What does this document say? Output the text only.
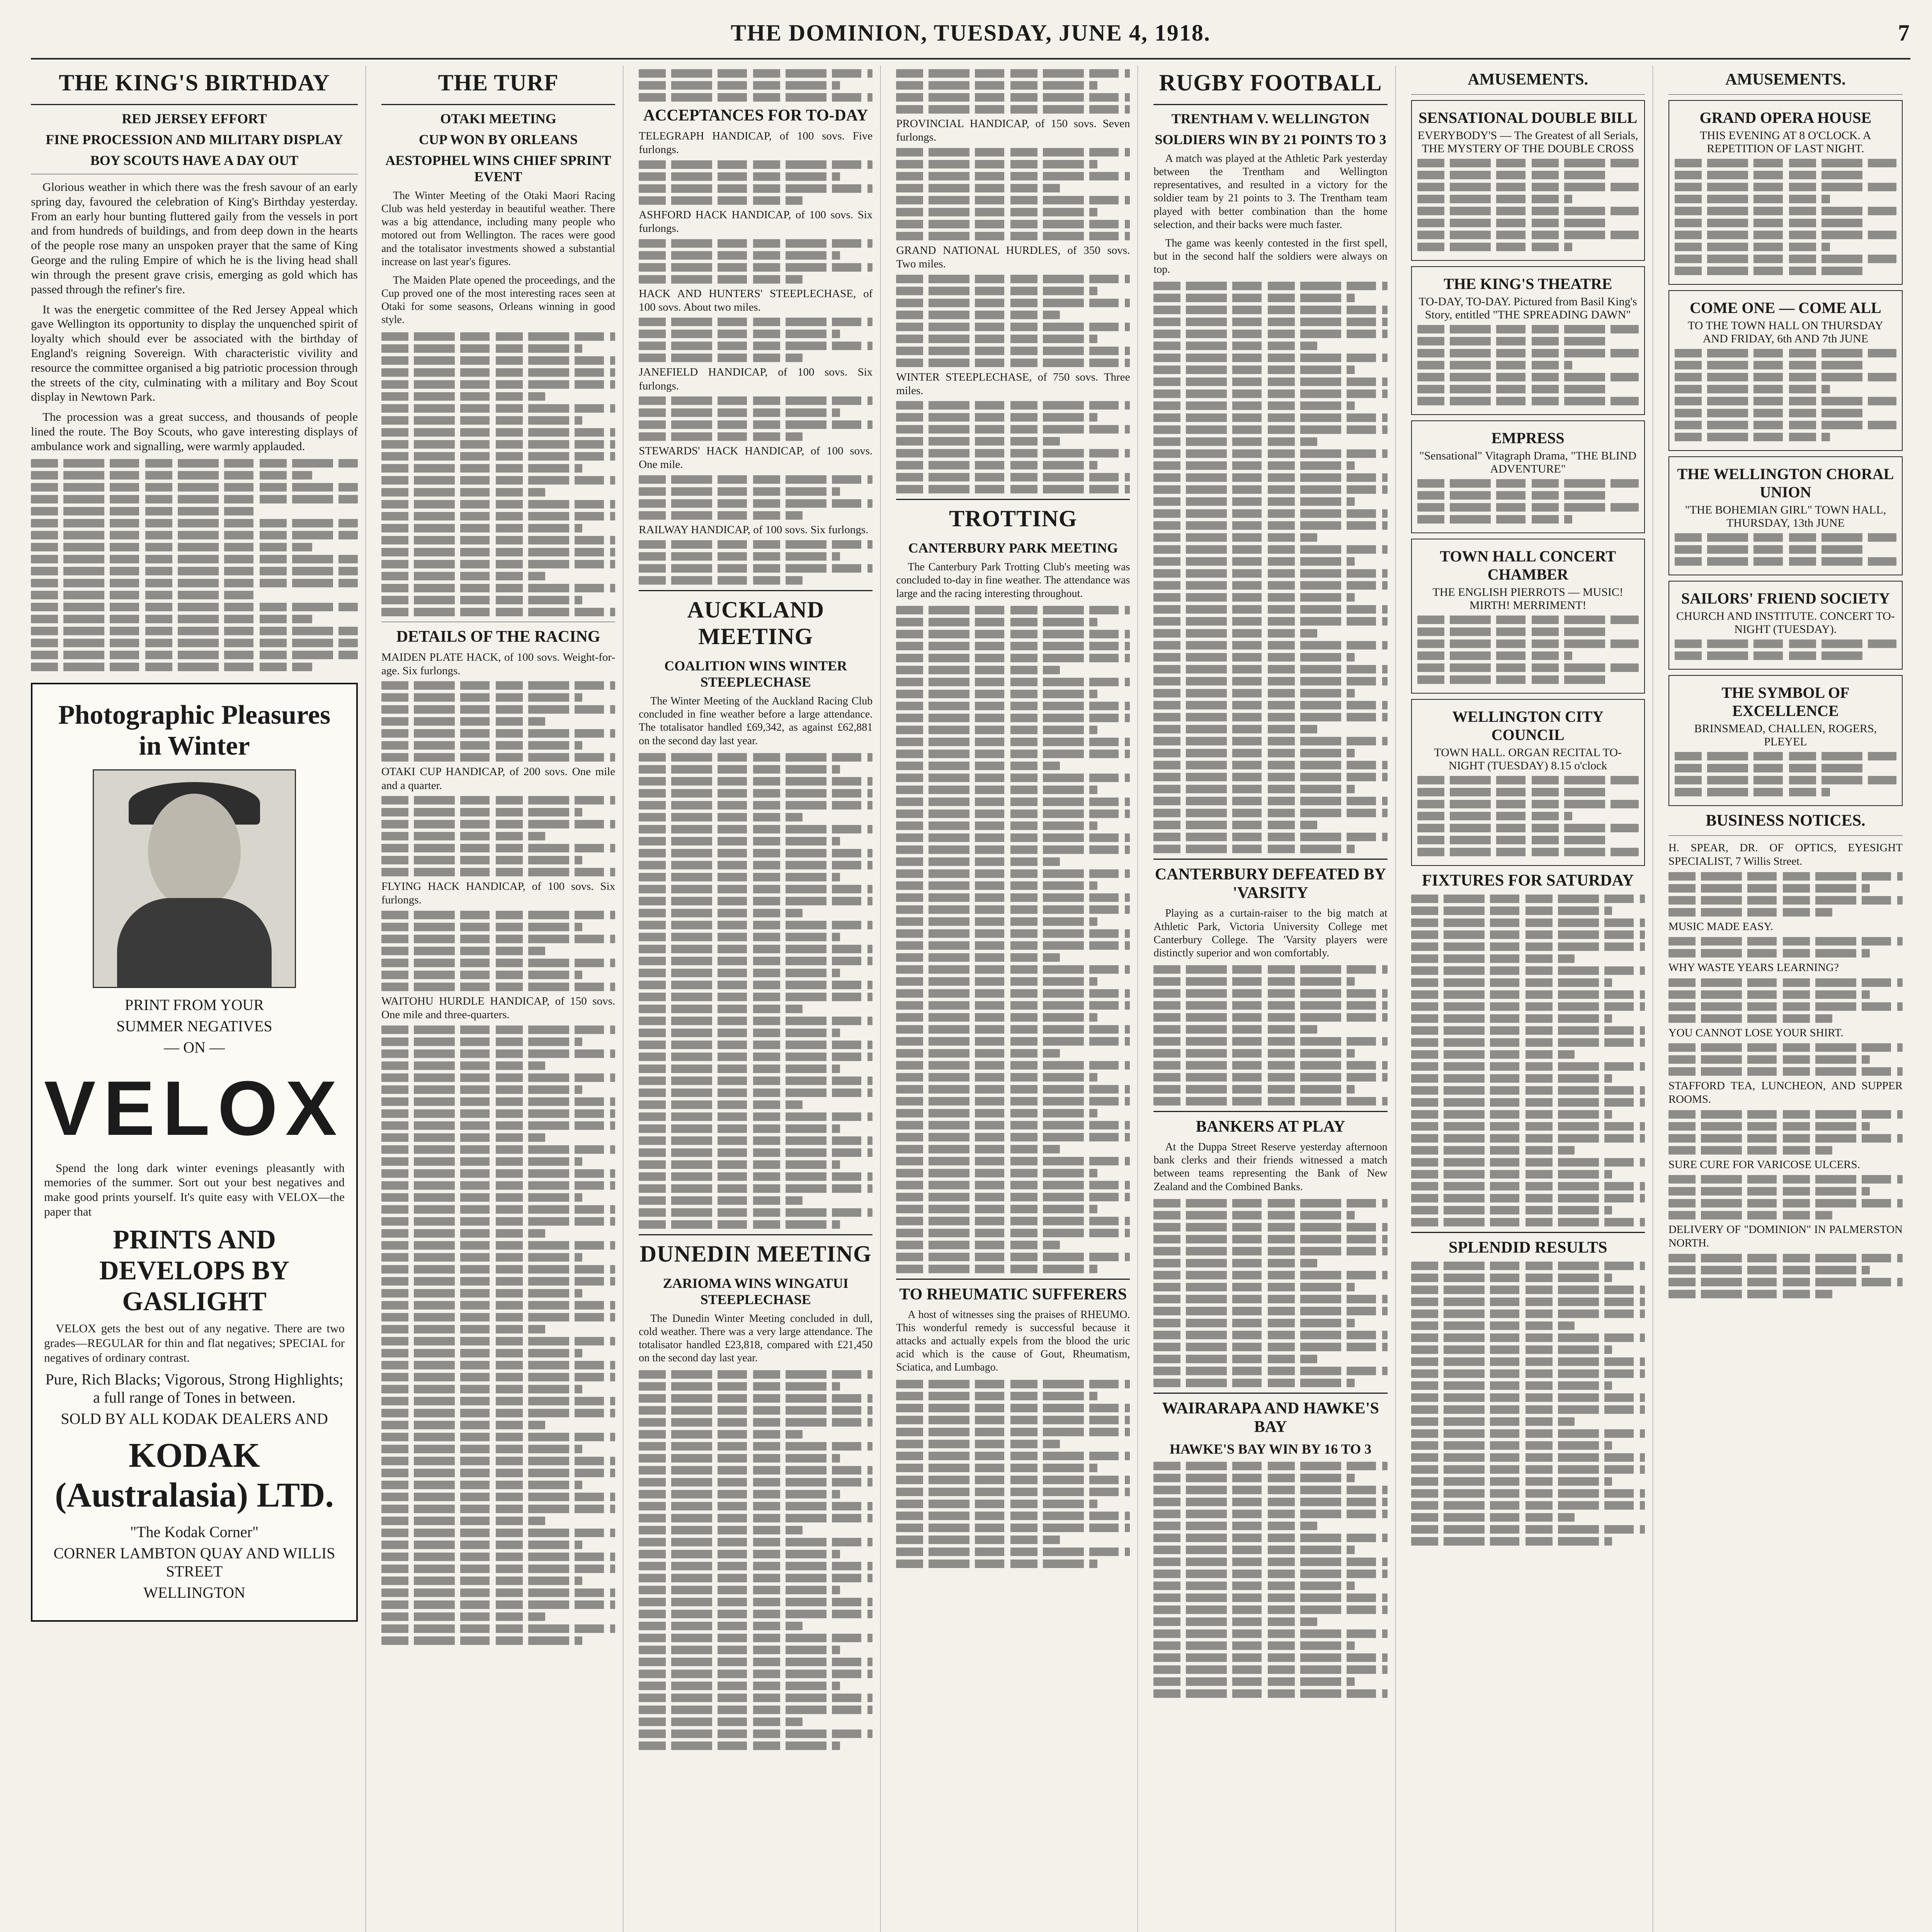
THE DOMINION, TUESDAY, JUNE 4, 1918.	7
THE KING'S BIRTHDAY
RED JERSEY EFFORT
FINE PROCESSION AND MILITARY DISPLAY
BOY SCOUTS HAVE A DAY OUT

Glorious weather in which there was the fresh savour of an early spring day, favoured the celebration of King's Birthday yesterday. From an early hour bunting fluttered gaily from the vessels in port and from hundreds of buildings, and from deep down in the hearts of the people rose many an unspoken prayer that the same of King George and the ruling Empire of which he is the living head shall win through the present grave crisis, emerging as gold which has passed through the refiner's fire.

It was the energetic committee of the Red Jersey Appeal which gave Wellington its opportunity to display the unquenched spirit of loyalty which should ever be associated with the birthday of England's reigning Sovereign. With characteristic vivility and resource the committee organised a big patriotic procession through the streets of the city, culminating with a military and Boy Scout display in Newtown Park.

The procession was a great success, and thousands of people lined the route. The Boy Scouts, who gave interesting displays of ambulance work and signalling, were warmly applauded.

Photographic Pleasures in Winter
PRINT FROM YOUR
SUMMER NEGATIVES
— ON —
VELOX

Spend the long dark winter evenings pleasantly with memories of the summer. Sort out your best negatives and make good prints yourself. It's quite easy with VELOX—the paper that

PRINTS AND DEVELOPS BY GASLIGHT

VELOX gets the best out of any negative. There are two grades—REGULAR for thin and flat negatives; SPECIAL for negatives of ordinary contrast.

Pure, Rich Blacks; Vigorous, Strong Highlights; a full range of Tones in between.
SOLD BY ALL KODAK DEALERS AND
KODAK (Australasia) LTD.
"The Kodak Corner"
CORNER LAMBTON QUAY AND WILLIS STREET
WELLINGTON
THE TURF
OTAKI MEETING
CUP WON BY ORLEANS
AESTOPHEL WINS CHIEF SPRINT EVENT

The Winter Meeting of the Otaki Maori Racing Club was held yesterday in beautiful weather. There was a big attendance, including many people who motored out from Wellington. The races were good and the totalisator investments showed a substantial increase on last year's figures.

The Maiden Plate opened the proceedings, and the Cup proved one of the most interesting races seen at Otaki for some seasons, Orleans winning in good style.

DETAILS OF THE RACING
MAIDEN PLATE HACK, of 100 sovs. Weight-for-age. Six furlongs.
OTAKI CUP HANDICAP, of 200 sovs. One mile and a quarter.
FLYING HACK HANDICAP, of 100 sovs. Six furlongs.
WAITOHU HURDLE HANDICAP, of 150 sovs. One mile and three-quarters.
ACCEPTANCES FOR TO-DAY
TELEGRAPH HANDICAP, of 100 sovs. Five furlongs.
ASHFORD HACK HANDICAP, of 100 sovs. Six furlongs.
HACK AND HUNTERS' STEEPLECHASE, of 100 sovs. About two miles.
JANEFIELD HANDICAP, of 100 sovs. Six furlongs.
STEWARDS' HACK HANDICAP, of 100 sovs. One mile.
RAILWAY HANDICAP, of 100 sovs. Six furlongs.
AUCKLAND MEETING
COALITION WINS WINTER STEEPLECHASE

The Winter Meeting of the Auckland Racing Club concluded in fine weather before a large attendance. The totalisator handled £69,342, as against £62,881 on the second day last year.

DUNEDIN MEETING
ZARIOMA WINS WINGATUI STEEPLECHASE

The Dunedin Winter Meeting concluded in dull, cold weather. There was a very large attendance. The totalisator handled £23,818, compared with £21,450 on the second day last year.

PROVINCIAL HANDICAP, of 150 sovs. Seven furlongs.
GRAND NATIONAL HURDLES, of 350 sovs. Two miles.
WINTER STEEPLECHASE, of 750 sovs. Three miles.
TROTTING
CANTERBURY PARK MEETING

The Canterbury Park Trotting Club's meeting was concluded to-day in fine weather. The attendance was large and the racing interesting throughout.

TO RHEUMATIC SUFFERERS

A host of witnesses sing the praises of RHEUMO. This wonderful remedy is successful because it attacks and actually expels from the blood the uric acid which is the cause of Gout, Rheumatism, Sciatica, and Lumbago.

RUGBY FOOTBALL
TRENTHAM V. WELLINGTON
SOLDIERS WIN BY 21 POINTS TO 3

A match was played at the Athletic Park yesterday between the Trentham and Wellington representatives, and resulted in a victory for the soldier team by 21 points to 3. The Trentham team played with better combination than the home selection, and their backs were much faster.

The game was keenly contested in the first spell, but in the second half the soldiers were always on top.

CANTERBURY DEFEATED BY 'VARSITY

Playing as a curtain-raiser to the big match at Athletic Park, Victoria University College met Canterbury College. The 'Varsity players were distinctly superior and won comfortably.

BANKERS AT PLAY

At the Duppa Street Reserve yesterday afternoon bank clerks and their friends witnessed a match between teams representing the Bank of New Zealand and the Combined Banks.

WAIRARAPA AND HAWKE'S BAY
HAWKE'S BAY WIN BY 16 TO 3
AMUSEMENTS.
SENSATIONAL DOUBLE BILL
EVERYBODY'S — The Greatest of all Serials, THE MYSTERY OF THE DOUBLE CROSS
THE KING'S THEATRE
TO-DAY, TO-DAY. Pictured from Basil King's Story, entitled "THE SPREADING DAWN"
EMPRESS
"Sensational" Vitagraph Drama, "THE BLIND ADVENTURE"
TOWN HALL CONCERT CHAMBER
THE ENGLISH PIERROTS — MUSIC! MIRTH! MERRIMENT!
WELLINGTON CITY COUNCIL
TOWN HALL. ORGAN RECITAL TO-NIGHT (TUESDAY) 8.15 o'clock
FIXTURES FOR SATURDAY
SPLENDID RESULTS
AMUSEMENTS.
GRAND OPERA HOUSE
THIS EVENING AT 8 O'CLOCK. A REPETITION OF LAST NIGHT.
COME ONE — COME ALL
TO THE TOWN HALL ON THURSDAY AND FRIDAY, 6th AND 7th JUNE
THE WELLINGTON CHORAL UNION
"THE BOHEMIAN GIRL" TOWN HALL, THURSDAY, 13th JUNE
SAILORS' FRIEND SOCIETY
CHURCH AND INSTITUTE. CONCERT TO-NIGHT (TUESDAY).
THE SYMBOL OF EXCELLENCE
BRINSMEAD, CHALLEN, ROGERS, PLEYEL
BUSINESS NOTICES.
H. SPEAR, DR. OF OPTICS, EYESIGHT SPECIALIST, 7 Willis Street.
MUSIC MADE EASY.
WHY WASTE YEARS LEARNING?
YOU CANNOT LOSE YOUR SHIRT.
STAFFORD TEA, LUNCHEON, AND SUPPER ROOMS.
SURE CURE FOR VARICOSE ULCERS.
DELIVERY OF "DOMINION" IN PALMERSTON NORTH.
